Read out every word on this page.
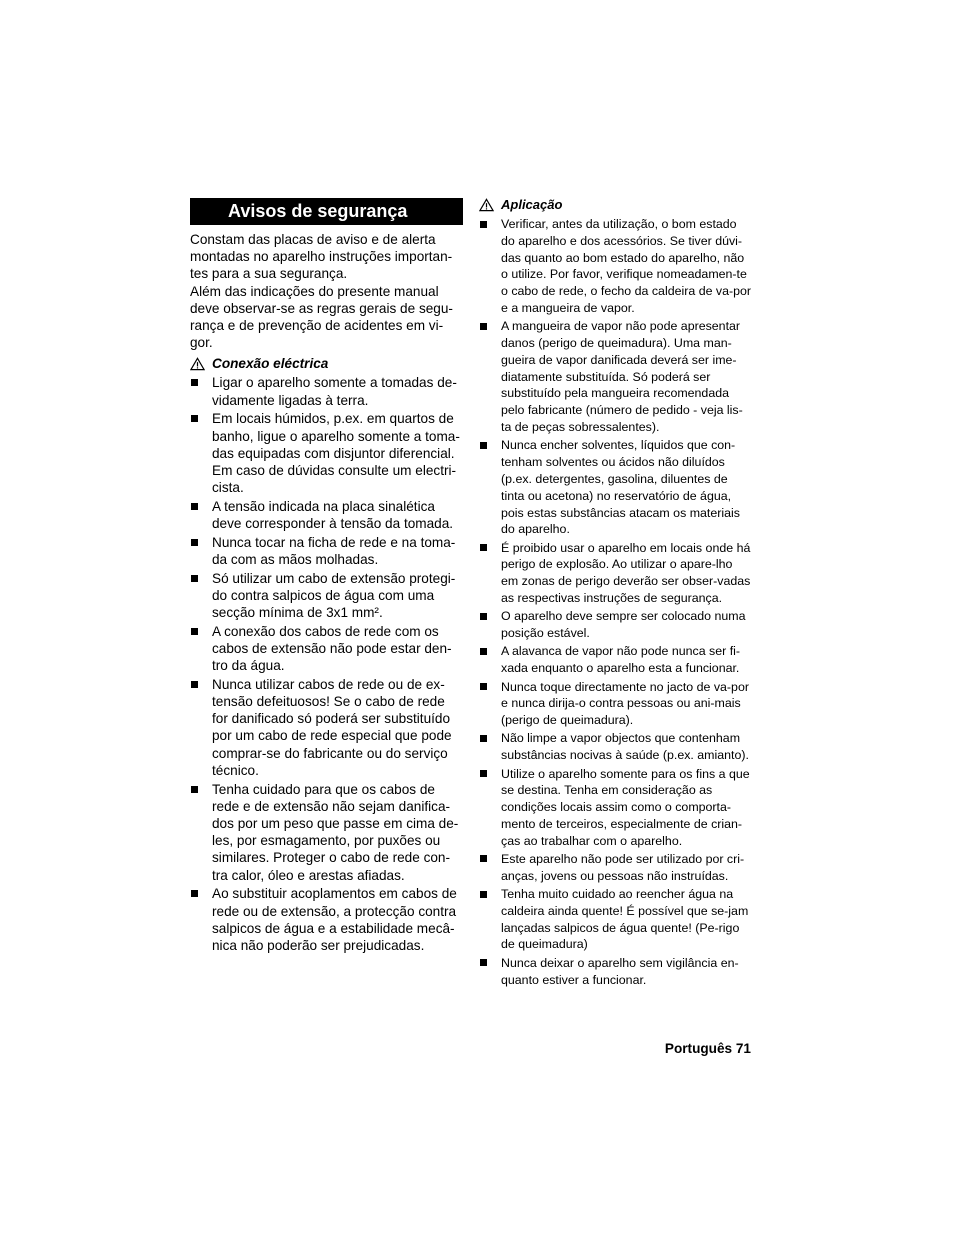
Avisos de segurança

Constam das placas de aviso e de alerta montadas no aparelho instruções importan-tes para a sua segurança.

Além das indicações do presente manual deve observar-se as regras gerais de segu-rança e de prevenção de acidentes em vi-gor.

Conexão eléctrica
Ligar o aparelho somente a tomadas de-vidamente ligadas à terra.
Em locais húmidos, p.ex. em quartos de banho, ligue o aparelho somente a toma-das equipadas com disjuntor diferencial. Em caso de dúvidas consulte um electri-cista.
A tensão indicada na placa sinalética deve corresponder à tensão da tomada.
Nunca tocar na ficha de rede e na toma-da com as mãos molhadas.
Só utilizar um cabo de extensão protegi-do contra salpicos de água com uma secção mínima de 3x1 mm².
A conexão dos cabos de rede com os cabos de extensão não pode estar den-tro da água.
Nunca utilizar cabos de rede ou de ex-tensão defeituosos! Se o cabo de rede for danificado só poderá ser substituído por um cabo de rede especial que pode comprar-se do fabricante ou do serviço técnico.
Tenha cuidado para que os cabos de rede e de extensão não sejam danifica-dos por um peso que passe em cima de-les, por esmagamento, por puxões ou similares. Proteger o cabo de rede con-tra calor, óleo e arestas afiadas.
Ao substituir acoplamentos em cabos de rede ou de extensão, a protecção contra salpicos de água e a estabilidade mecâ-nica não poderão ser prejudicadas.
Aplicação
Verificar, antes da utilização, o bom estado do aparelho e dos acessórios. Se tiver dúvi-das quanto ao bom estado do aparelho, não o utilize. Por favor, verifique nomeadamen-te o cabo de rede, o fecho da caldeira de va-por e a mangueira de vapor.
A mangueira de vapor não pode apresentar danos (perigo de queimadura). Uma man-gueira de vapor danificada deverá ser ime-diatamente substituída. Só poderá ser substituído pela mangueira recomendada pelo fabricante (número de pedido - veja lis-ta de peças sobressalentes).
Nunca encher solventes, líquidos que con-tenham solventes ou ácidos não diluídos (p.ex. detergentes, gasolina, diluentes de tinta ou acetona) no reservatório de água, pois estas substâncias atacam os materiais do aparelho.
É proibido usar o aparelho em locais onde há perigo de explosão. Ao utilizar o apare-lho em zonas de perigo deverão ser obser-vadas as respectivas instruções de segurança.
O aparelho deve sempre ser colocado numa posição estável.
A alavanca de vapor não pode nunca ser fi-xada enquanto o aparelho esta a funcionar.
Nunca toque directamente no jacto de va-por e nunca dirija-o contra pessoas ou ani-mais (perigo de queimadura).
Não limpe a vapor objectos que contenham substâncias nocivas à saúde (p.ex. amianto).
Utilize o aparelho somente para os fins a que se destina. Tenha em consideração as condições locais assim como o comporta-mento de terceiros, especialmente de crian-ças ao trabalhar com o aparelho.
Este aparelho não pode ser utilizado por cri-anças, jovens ou pessoas não instruídas.
Tenha muito cuidado ao reencher água na caldeira ainda quente! É possível que se-jam lançadas salpicos de água quente! (Pe-rigo de queimadura)
Nunca deixar o aparelho sem vigilância en-quanto estiver a funcionar.
Português 71
